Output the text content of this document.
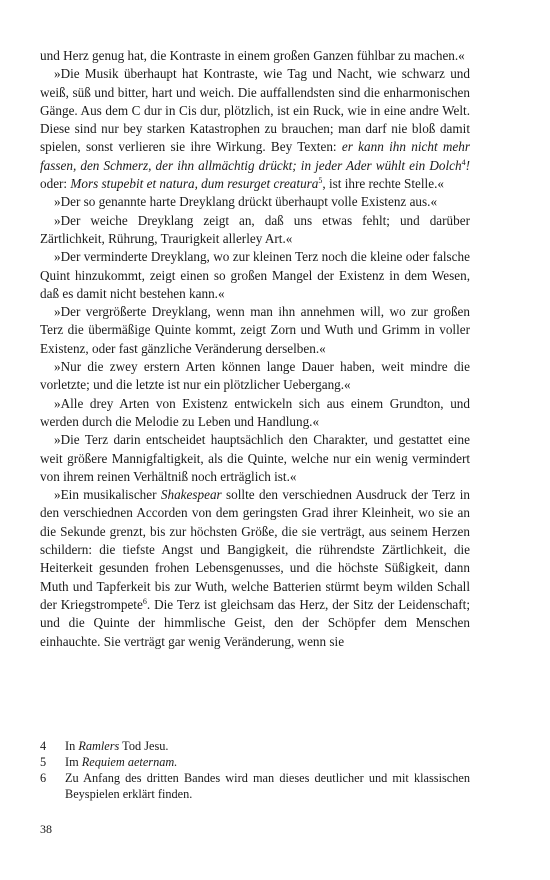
und Herz genug hat, die Kontraste in einem großen Ganzen fühlbar zu machen.«

»Die Musik überhaupt hat Kontraste, wie Tag und Nacht, wie schwarz und weiß, süß und bitter, hart und weich. Die auffallendsten sind die enharmonischen Gänge. Aus dem C dur in Cis dur, plötzlich, ist ein Ruck, wie in eine andre Welt. Diese sind nur bey starken Katastrophen zu brauchen; man darf nie bloß damit spielen, sonst verlieren sie ihre Wirkung. Bey Texten: er kann ihn nicht mehr fassen, den Schmerz, der ihn allmächtig drückt; in jeder Ader wühlt ein Dolch$^4$! oder: Mors stupebit et natura, dum resurget creatura$^5$, ist ihre rechte Stelle.«

»Der so genannte harte Dreyklang drückt überhaupt volle Existenz aus.«

»Der weiche Dreyklang zeigt an, daß uns etwas fehlt; und darüber Zärtlichkeit, Rührung, Traurigkeit allerley Art.«

»Der verminderte Dreyklang, wo zur kleinen Terz noch die kleine oder falsche Quint hinzukommt, zeigt einen so großen Mangel der Existenz in dem Wesen, daß es damit nicht bestehen kann.«

»Der vergrößerte Dreyklang, wenn man ihn annehmen will, wo zur großen Terz die übermäßige Quinte kommt, zeigt Zorn und Wuth und Grimm in voller Existenz, oder fast gänzliche Veränderung derselben.«

»Nur die zwey erstern Arten können lange Dauer haben, weit mindre die vorletzte; und die letzte ist nur ein plötzlicher Uebergang.«

»Alle drey Arten von Existenz entwickeln sich aus einem Grundton, und werden durch die Melodie zu Leben und Handlung.«

»Die Terz darin entscheidet hauptsächlich den Charakter, und gestattet eine weit größere Mannigfaltigkeit, als die Quinte, welche nur ein wenig vermindert von ihrem reinen Verhältniß noch erträglich ist.«

»Ein musikalischer Shakespear sollte den verschiednen Ausdruck der Terz in den verschiednen Accorden von dem geringsten Grad ihrer Kleinheit, wo sie an die Sekunde grenzt, bis zur höchsten Größe, die sie verträgt, aus seinem Herzen schildern: die tiefste Angst und Bangigkeit, die rührendste Zärtlichkeit, die Heiterkeit gesunden frohen Lebensgenusses, und die höchste Süßigkeit, dann Muth und Tapferkeit bis zur Wuth, welche Batterien stürmt beym wilden Schall der Kriegstrompete$^6$. Die Terz ist gleichsam das Herz, der Sitz der Leidenschaft; und die Quinte der himmlische Geist, den der Schöpfer dem Menschen einhauchte. Sie verträgt gar wenig Veränderung, wenn sie

4	In Ramlers Tod Jesu.
5	Im Requiem aeternam.
6	Zu Anfang des dritten Bandes wird man dieses deutlicher und mit klassischen Beyspielen erklärt finden.
38
